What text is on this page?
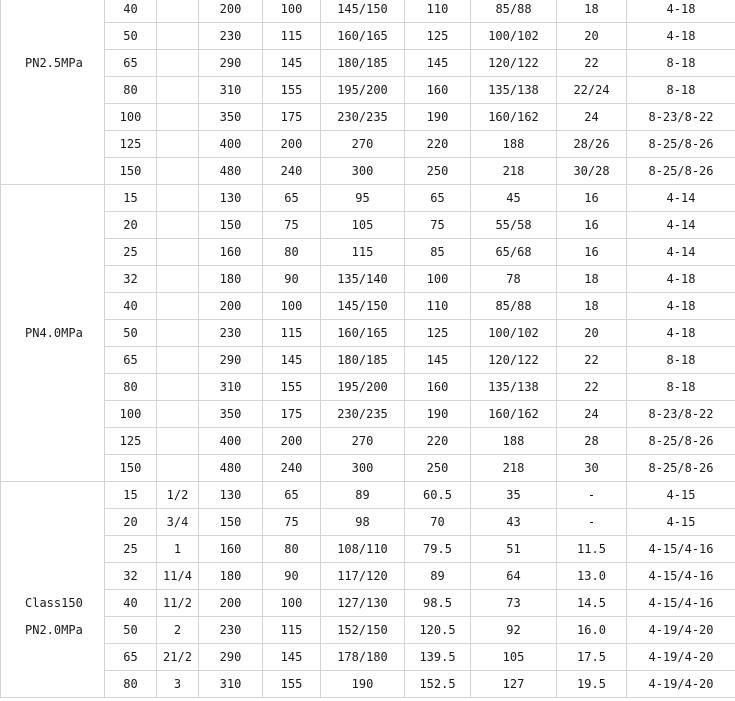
PN2.5MPa	40		200	100	145/150	110	85/88	18	4-18
	50		230	115	160/165	125	100/102	20	4-18
	65		290	145	180/185	145	120/122	22	8-18
	80		310	155	195/200	160	135/138	22/24	8-18
	100		350	175	230/235	190	160/162	24	8-23/8-22
	125		400	200	270	220	188	28/26	8-25/8-26
	150		480	240	300	250	218	30/28	8-25/8-26

PN4.0MPa	15		130	65	95	65	45	16	4-14
	20		150	75	105	75	55/58	16	4-14
	25		160	80	115	85	65/68	16	4-14
	32		180	90	135/140	100	78	18	4-18
	40		200	100	145/150	110	85/88	18	4-18
	50		230	115	160/165	125	100/102	20	4-18
	65		290	145	180/185	145	120/122	22	8-18
	80		310	155	195/200	160	135/138	22	8-18
	100		350	175	230/235	190	160/162	24	8-23/8-22
	125		400	200	270	220	188	28	8-25/8-26
	150		480	240	300	250	218	30	8-25/8-26

Class150
PN2.0MPa	15	1/2	130	65	89	60.5	35	-	4-15
	20	3/4	150	75	98	70	43	-	4-15
	25	1	160	80	108/110	79.5	51	11.5	4-15/4-16
	32	11/4	180	90	117/120	89	64	13.0	4-15/4-16
	40	11/2	200	100	127/130	98.5	73	14.5	4-15/4-16
	50	2	230	115	152/150	120.5	92	16.0	4-19/4-20
	65	21/2	290	145	178/180	139.5	105	17.5	4-19/4-20
	80	3	310	155	190	152.5	127	19.5	4-19/4-20
